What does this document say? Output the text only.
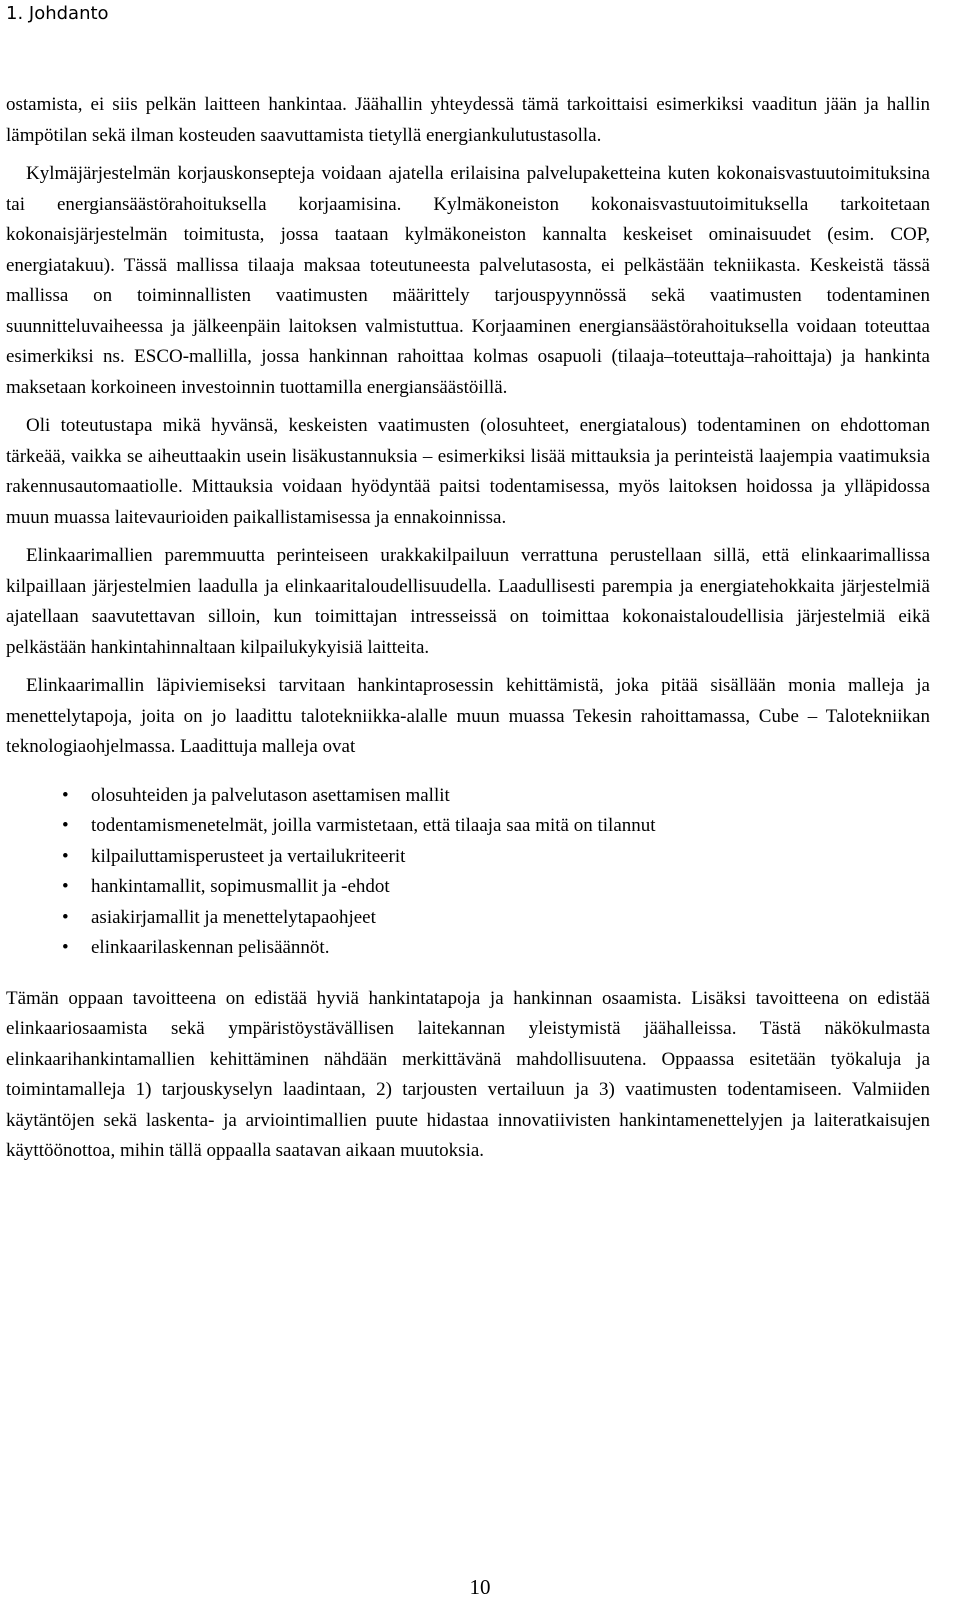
1. Johdanto

ostamista, ei siis pelkän laitteen hankintaa. Jäähallin yhteydessä tämä tarkoittaisi esimerkiksi vaaditun jään ja hallin lämpötilan sekä ilman kosteuden saavuttamista tietyllä energiankulutustasolla.

Kylmäjärjestelmän korjauskonsepteja voidaan ajatella erilaisina palvelupaketteina kuten kokonaisvastuutoimituksina tai energiansäästörahoituksella korjaamisina. Kylmäkoneiston kokonaisvastuutoimituksella tarkoitetaan kokonaisjärjestelmän toimitusta, jossa taataan kylmäkoneiston kannalta keskeiset ominaisuudet (esim. COP, energiatakuu). Tässä mallissa tilaaja maksaa toteutuneesta palvelutasosta, ei pelkästään tekniikasta. Keskeistä tässä mallissa on toiminnallisten vaatimusten määrittely tarjouspyynnössä sekä vaatimusten todentaminen suunnitteluvaiheessa ja jälkeenpäin laitoksen valmistuttua. Korjaaminen energiansäästörahoituksella voidaan toteuttaa esimerkiksi ns. ESCO-mallilla, jossa hankinnan rahoittaa kolmas osapuoli (tilaaja–toteuttaja–rahoittaja) ja hankinta maksetaan korkoineen investoinnin tuottamilla energiansäästöillä.

Oli toteutustapa mikä hyvänsä, keskeisten vaatimusten (olosuhteet, energiatalous) todentaminen on ehdottoman tärkeää, vaikka se aiheuttaakin usein lisäkustannuksia – esimerkiksi lisää mittauksia ja perinteistä laajempia vaatimuksia rakennusautomaatiolle. Mittauksia voidaan hyödyntää paitsi todentamisessa, myös laitoksen hoidossa ja ylläpidossa muun muassa laitevaurioiden paikallistamisessa ja ennakoinnissa.

Elinkaarimallien paremmuutta perinteiseen urakkakilpailuun verrattuna perustellaan sillä, että elinkaarimallissa kilpaillaan järjestelmien laadulla ja elinkaaritaloudellisuudella. Laadullisesti parempia ja energiatehokkaita järjestelmiä ajatellaan saavutettavan silloin, kun toimittajan intresseissä on toimittaa kokonaistaloudellisia järjestelmiä eikä pelkästään hankintahinnaltaan kilpailukykyisiä laitteita.

Elinkaarimallin läpiviemiseksi tarvitaan hankintaprosessin kehittämistä, joka pitää sisällään monia malleja ja menettelytapoja, joita on jo laadittu talotekniikka-alalle muun muassa Tekesin rahoittamassa, Cube – Talotekniikan teknologiaohjelmassa. Laadittuja malleja ovat

• olosuhteiden ja palvelutason asettamisen mallit
• todentamismenetelmät, joilla varmistetaan, että tilaaja saa mitä on tilannut
• kilpailuttamisperusteet ja vertailukriteerit
• hankintamallit, sopimusmallit ja -ehdot
• asiakirjamallit ja menettelytapaohjeet
• elinkaarilaskennan pelisäännöt.

Tämän oppaan tavoitteena on edistää hyviä hankintatapoja ja hankinnan osaamista. Lisäksi tavoitteena on edistää elinkaariosaamista sekä ympäristöystävällisen laitekannan yleistymistä jäähalleissa. Tästä näkökulmasta elinkaarihankintamallien kehittäminen nähdään merkittävänä mahdollisuutena. Oppaassa esitetään työkaluja ja toimintamalleja 1) tarjouskyselyn laadintaan, 2) tarjousten vertailuun ja 3) vaatimusten todentamiseen. Valmiiden käytäntöjen sekä laskenta- ja arviointimallien puute hidastaa innovatiivisten hankintamenettelyjen ja laiteratkaisujen käyttöönottoa, mihin tällä oppaalla saatavan aikaan muutoksia.

10
